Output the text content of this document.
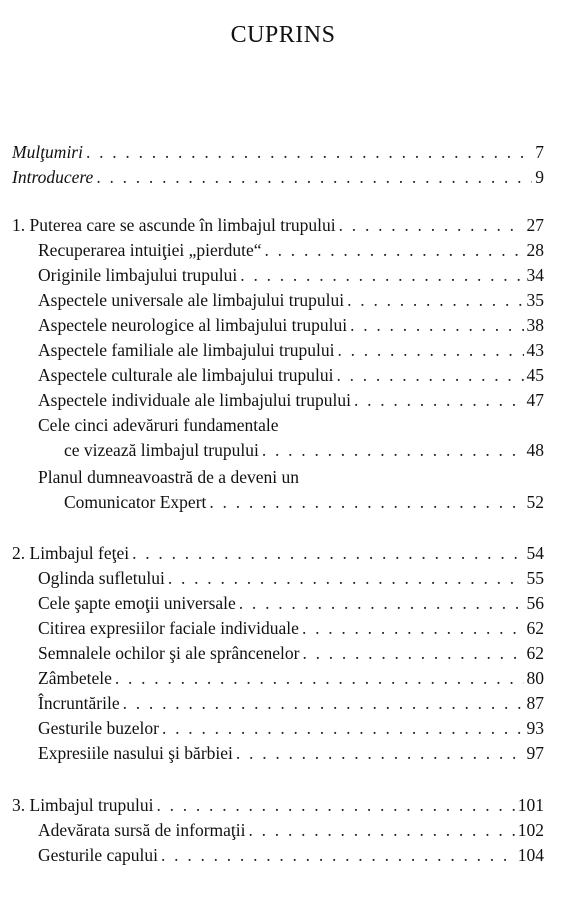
CUPRINS
Mulţumiri . . .	7
Introducere . . .	9
1. Puterea care se ascunde în limbajul trupului . . .	27
Recuperarea intuiţiei „pierdute“ . . .	28
Originile limbajului trupului . . .	34
Aspectele universale ale limbajului trupului . . .	35
Aspectele neurologice al limbajului trupului . . .	38
Aspectele familiale ale limbajului trupului . . .	43
Aspectele culturale ale limbajului trupului . . .	45
Aspectele individuale ale limbajului trupului . . .	47
Cele cinci adevăruri fundamentale
ce vizează limbajul trupului . . .	48
Planul dumneavoastră de a deveni un
Comunicator Expert . . .	52
2. Limbajul feţei . . .	54
Oglinda sufletului . . .	55
Cele şapte emoţii universale . . .	56
Citirea expresiilor faciale individuale . . .	62
Semnalele ochilor şi ale sprâncenelor . . .	62
Zâmbetele . . .	80
Încruntările . . .	87
Gesturile buzelor . . .	93
Expresiile nasului şi bărbiei . . .	97
3. Limbajul trupului . . .	101
Adevărata sursă de informaţii . . .	102
Gesturile capului . . .	104
